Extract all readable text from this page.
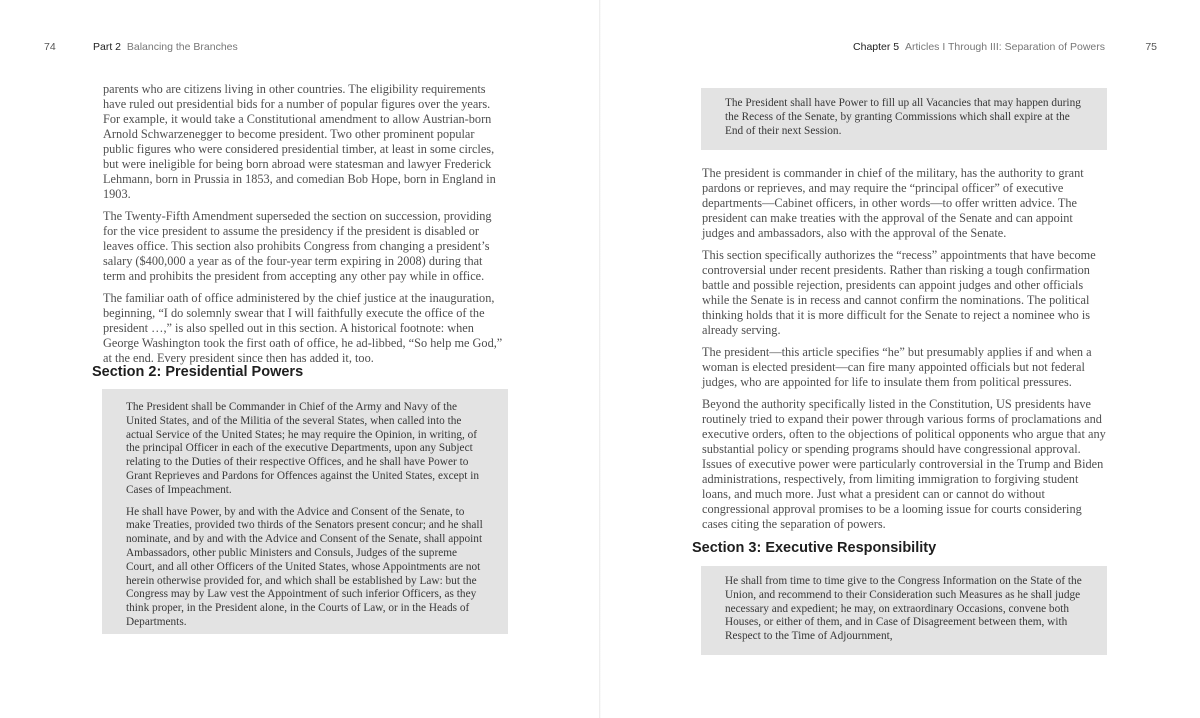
74	Part 2 Balancing the Branches

parents who are citizens living in other countries. The eligibility requirements have ruled out presidential bids for a number of popular figures over the years. For example, it would take a Constitutional amendment to allow Austrian-born Arnold Schwarzenegger to become president. Two other prominent popular public figures who were considered presidential timber, at least in some circles, but were ineligible for being born abroad were statesman and lawyer Frederick Lehmann, born in Prussia in 1853, and comedian Bob Hope, born in England in 1903.

The Twenty-Fifth Amendment superseded the section on succession, providing for the vice president to assume the presidency if the president is disabled or leaves office. This section also prohibits Congress from changing a president’s salary ($400,000 a year as of the four-year term expiring in 2008) during that term and prohibits the president from accepting any other pay while in office.

The familiar oath of office administered by the chief justice at the inauguration, beginning, “I do solemnly swear that I will faithfully execute the office of the president …,” is also spelled out in this section. A historical footnote: when George Washington took the first oath of office, he ad-libbed, “So help me God,” at the end. Every president since then has added it, too.

Section 2: Presidential Powers

The President shall be Commander in Chief of the Army and Navy of the United States, and of the Militia of the several States, when called into the actual Service of the United States; he may require the Opinion, in writing, of the principal Officer in each of the executive Departments, upon any Subject relating to the Duties of their respective Offices, and he shall have Power to Grant Reprieves and Pardons for Offences against the United States, except in Cases of Impeachment.

He shall have Power, by and with the Advice and Consent of the Senate, to make Treaties, provided two thirds of the Senators present concur; and he shall nominate, and by and with the Advice and Consent of the Senate, shall appoint Ambassadors, other public Ministers and Consuls, Judges of the supreme Court, and all other Officers of the United States, whose Appointments are not herein otherwise provided for, and which shall be established by Law: but the Congress may by Law vest the Appointment of such inferior Officers, as they think proper, in the President alone, in the Courts of Law, or in the Heads of Departments.

Chapter 5 Articles I Through III: Separation of Powers	75

The President shall have Power to fill up all Vacancies that may happen during the Recess of the Senate, by granting Commissions which shall expire at the End of their next Session.

The president is commander in chief of the military, has the authority to grant pardons or reprieves, and may require the “principal officer” of executive departments—Cabinet officers, in other words—to offer written advice. The president can make treaties with the approval of the Senate and can appoint judges and ambassadors, also with the approval of the Senate.

This section specifically authorizes the “recess” appointments that have become controversial under recent presidents. Rather than risking a tough confirmation battle and possible rejection, presidents can appoint judges and other officials while the Senate is in recess and cannot confirm the nominations. The political thinking holds that it is more difficult for the Senate to reject a nominee who is already serving.

The president—this article specifies “he” but presumably applies if and when a woman is elected president—can fire many appointed officials but not federal judges, who are appointed for life to insulate them from political pressures.

Beyond the authority specifically listed in the Constitution, US presidents have routinely tried to expand their power through various forms of proclamations and executive orders, often to the objections of political opponents who argue that any substantial policy or spending programs should have congressional approval. Issues of executive power were particularly controversial in the Trump and Biden administrations, respectively, from limiting immigration to forgiving student loans, and much more. Just what a president can or cannot do without congressional approval promises to be a looming issue for courts considering cases citing the separation of powers.

Section 3: Executive Responsibility

He shall from time to time give to the Congress Information on the State of the Union, and recommend to their Consideration such Measures as he shall judge necessary and expedient; he may, on extraordinary Occasions, convene both Houses, or either of them, and in Case of Disagreement between them, with Respect to the Time of Adjournment,
